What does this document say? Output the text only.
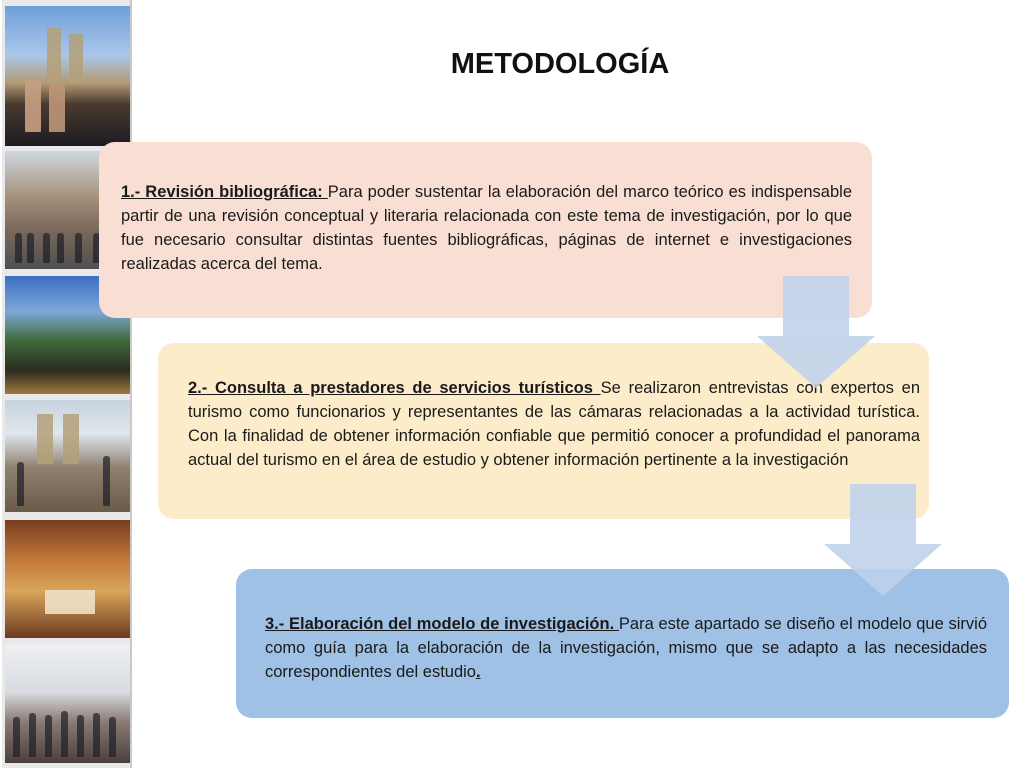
METODOLOGÍA
1.- Revisión bibliográfica: Para poder sustentar la elaboración del marco teórico es indispensable partir de una revisión conceptual y literaria relacionada con este tema de investigación, por lo que fue necesario consultar distintas fuentes bibliográficas, páginas de internet e investigaciones realizadas acerca del tema.
2.- Consulta a prestadores de servicios turísticos Se realizaron entrevistas con expertos en turismo como funcionarios y representantes de las cámaras relacionadas a la actividad turística. Con la finalidad de obtener información confiable que permitió conocer a profundidad el panorama actual del turismo en el área de estudio y obtener información pertinente a la investigación
3.- Elaboración del modelo de investigación. Para este apartado se diseño el modelo que sirvió como guía para la elaboración de la investigación, mismo que se adapto a las necesidades correspondientes del estudio.
